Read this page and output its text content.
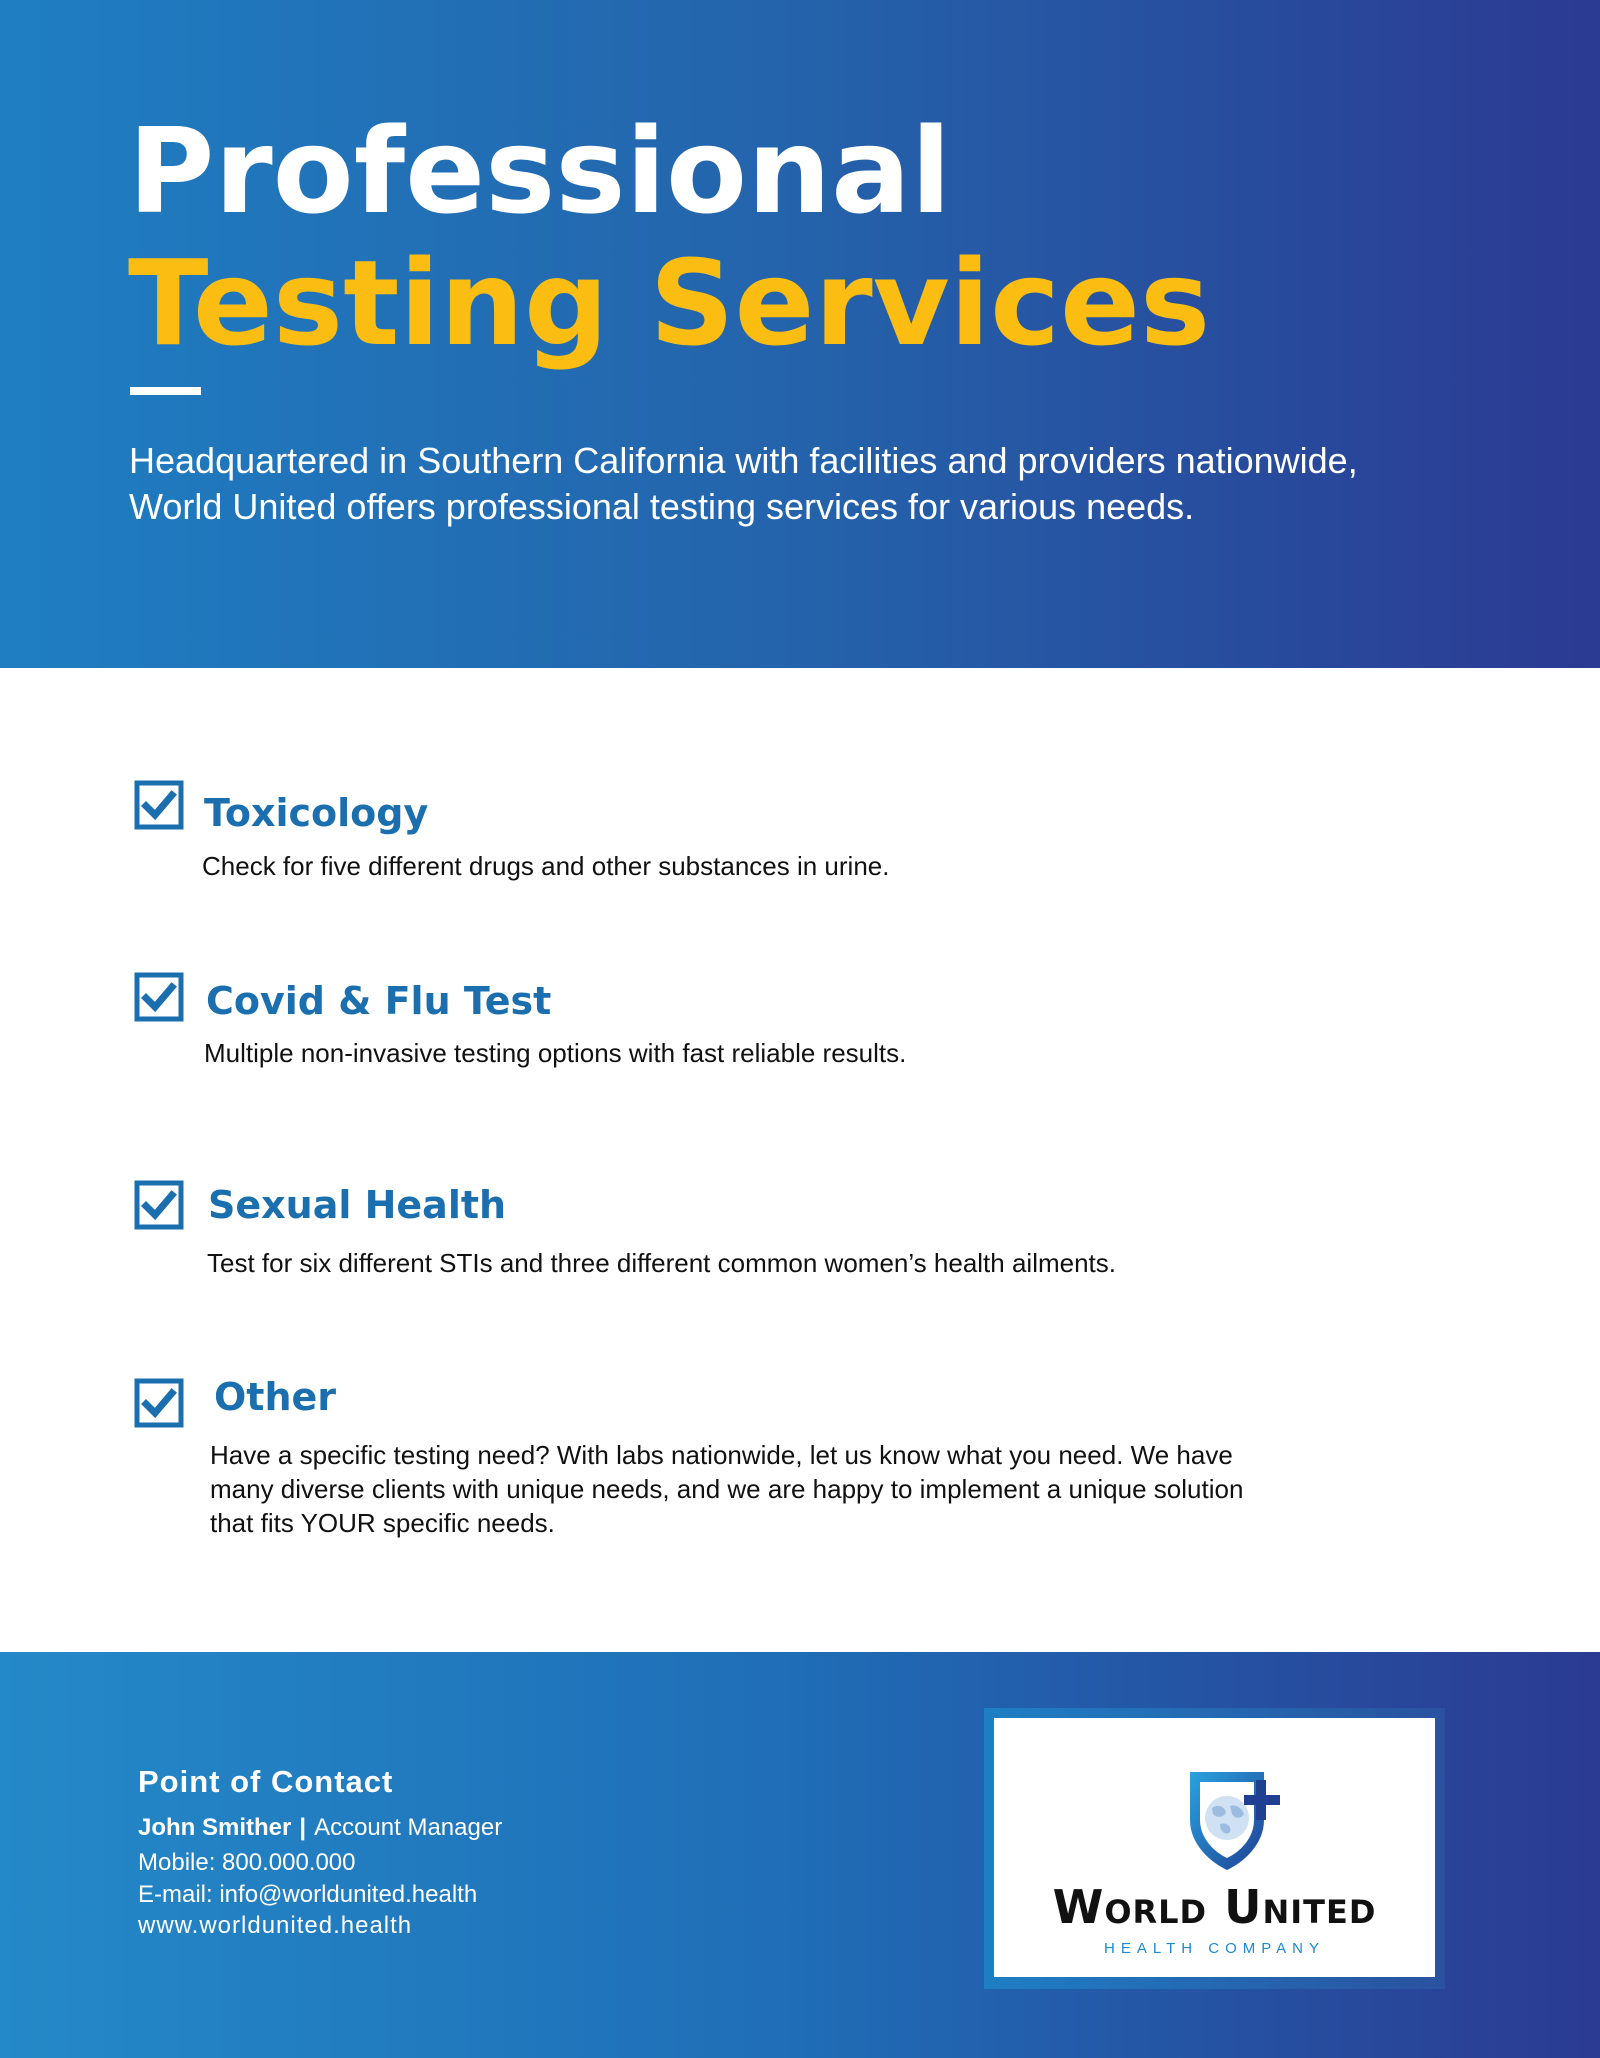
Professional
Testing Services

Headquartered in Southern California with facilities and providers nationwide,
World United offers professional testing services for various needs.

Toxicology

Check for five different drugs and other substances in urine.

Covid & Flu Test

Multiple non-invasive testing options with fast reliable results.

Sexual Health

Test for six different STIs and three different common women’s health ailments.

Other

Have a specific testing need? With labs nationwide, let us know what you need. We have
many diverse clients with unique needs, and we are happy to implement a unique solution
that fits YOUR specific needs.

Point of Contact

John Smither | Account Manager

Mobile: 800.000.000

E-mail: info@worldunited.health

www.worldunited.health	World United

HEALTH COMPANY
